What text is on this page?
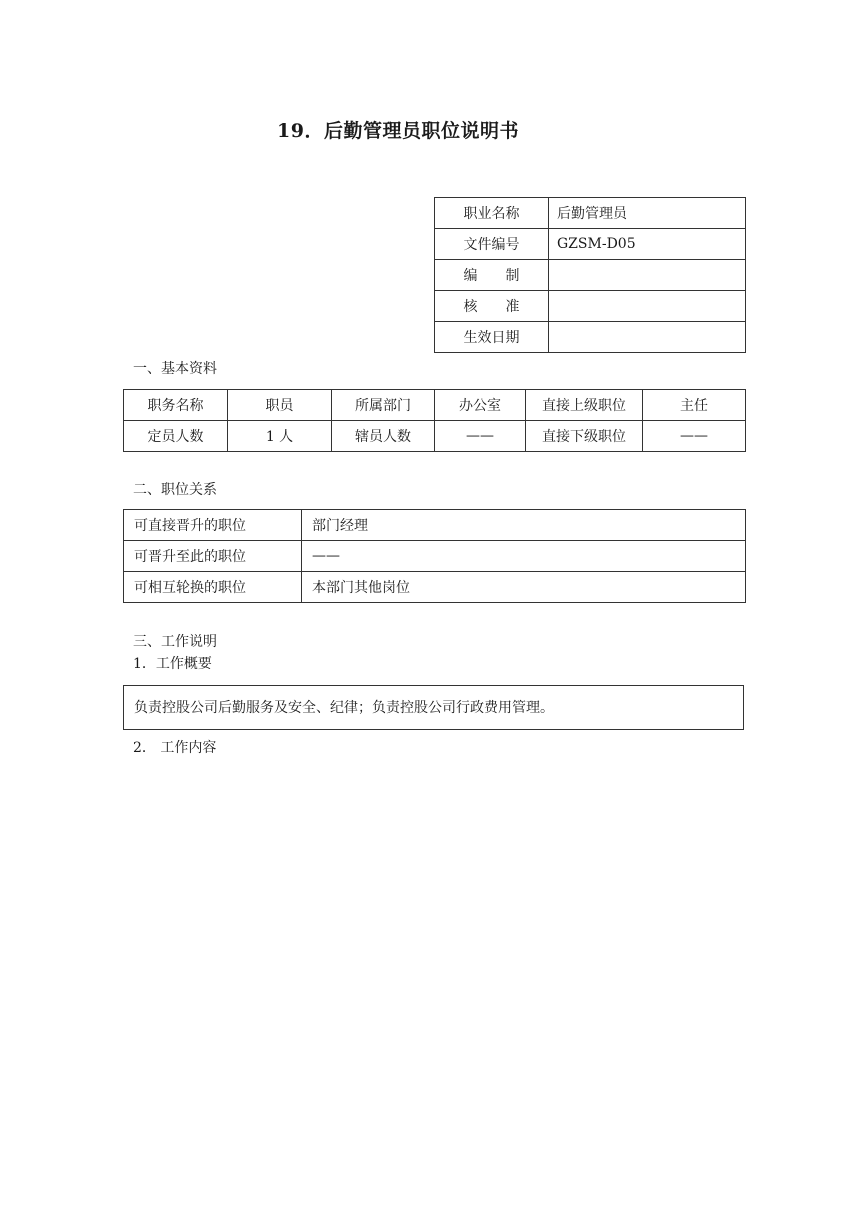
19．后勤管理员职位说明书
职业名称	后勤管理员
文件编号	GZSM-D05
编　　制	
核　　准	
生效日期	
一、基本资料
职务名称	职员	所属部门	办公室	直接上级职位	主任
定员人数	1 人	辖员人数	——	直接下级职位	——
二、职位关系
可直接晋升的职位	部门经理
可晋升至此的职位	——
可相互轮换的职位	本部门其他岗位
三、工作说明
1．工作概要
负责控股公司后勤服务及安全、纪律；负责控股公司行政费用管理。
2． 工作内容
